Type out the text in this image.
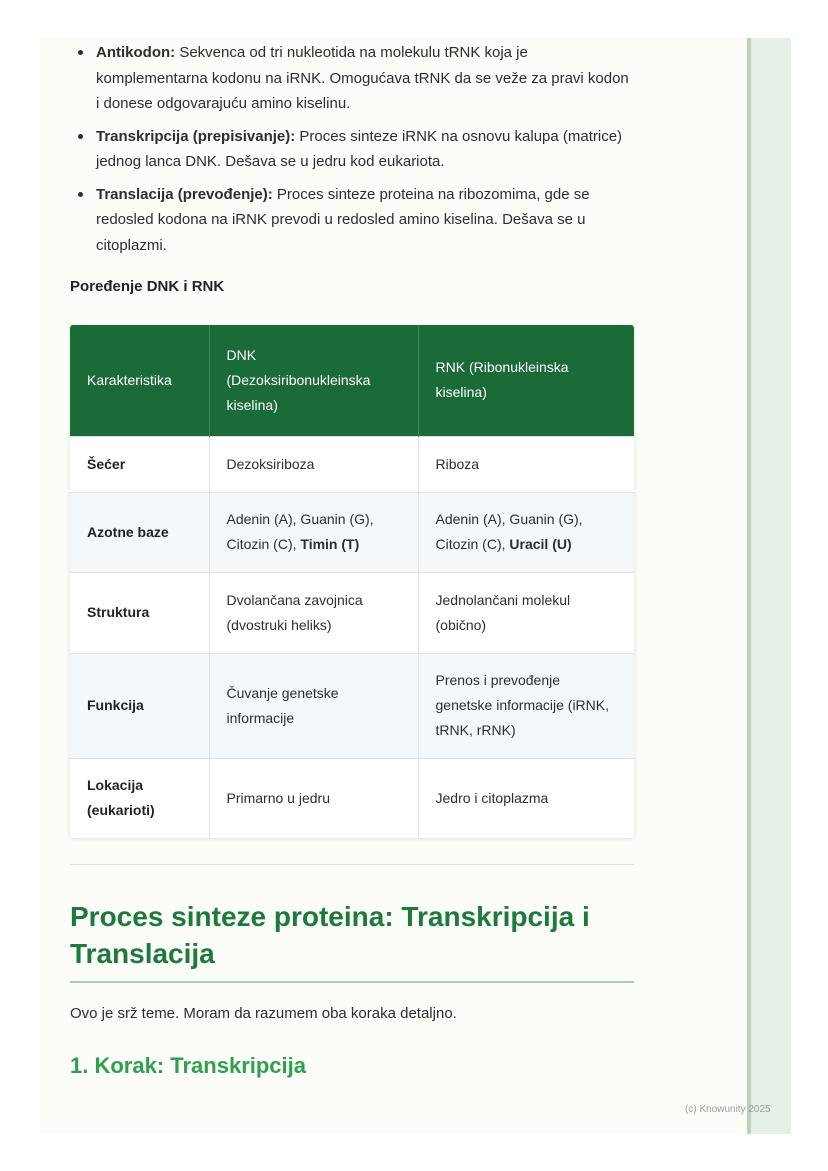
Antikodon: Sekvenca od tri nukleotida na molekulu tRNK koja je komplementarna kodonu na iRNK. Omogućava tRNK da se veže za pravi kodon i donese odgovarajuću amino kiselinu.
Transkripcija (prepisivanje): Proces sinteze iRNK na osnovu kalupa (matrice) jednog lanca DNK. Dešava se u jedru kod eukariota.
Translacija (prevođenje): Proces sinteze proteina na ribozomima, gde se redosled kodona na iRNK prevodi u redosled amino kiselina. Dešava se u citoplazmi.
Poređenje DNK i RNK
Karakteristika	DNK (Dezoksiribonukleinska kiselina)	RNK (Ribonukleinska kiselina)
Šećer	Dezoksiriboza	Riboza
Azotne baze	Adenin (A), Guanin (G), Citozin (C), Timin (T)	Adenin (A), Guanin (G), Citozin (C), Uracil (U)
Struktura	Dvolančana zavojnica (dvostruki heliks)	Jednolančani molekul (obično)
Funkcija	Čuvanje genetske informacije	Prenos i prevođenje genetske informacije (iRNK, tRNK, rRNK)
Lokacija (eukarioti)	Primarno u jedru	Jedro i citoplazma
Proces sinteze proteina: Transkripcija i Translacija

Ovo je srž teme. Moram da razumem oba koraka detaljno.

1. Korak: Transkripcija
(c) Knowunity 2025
